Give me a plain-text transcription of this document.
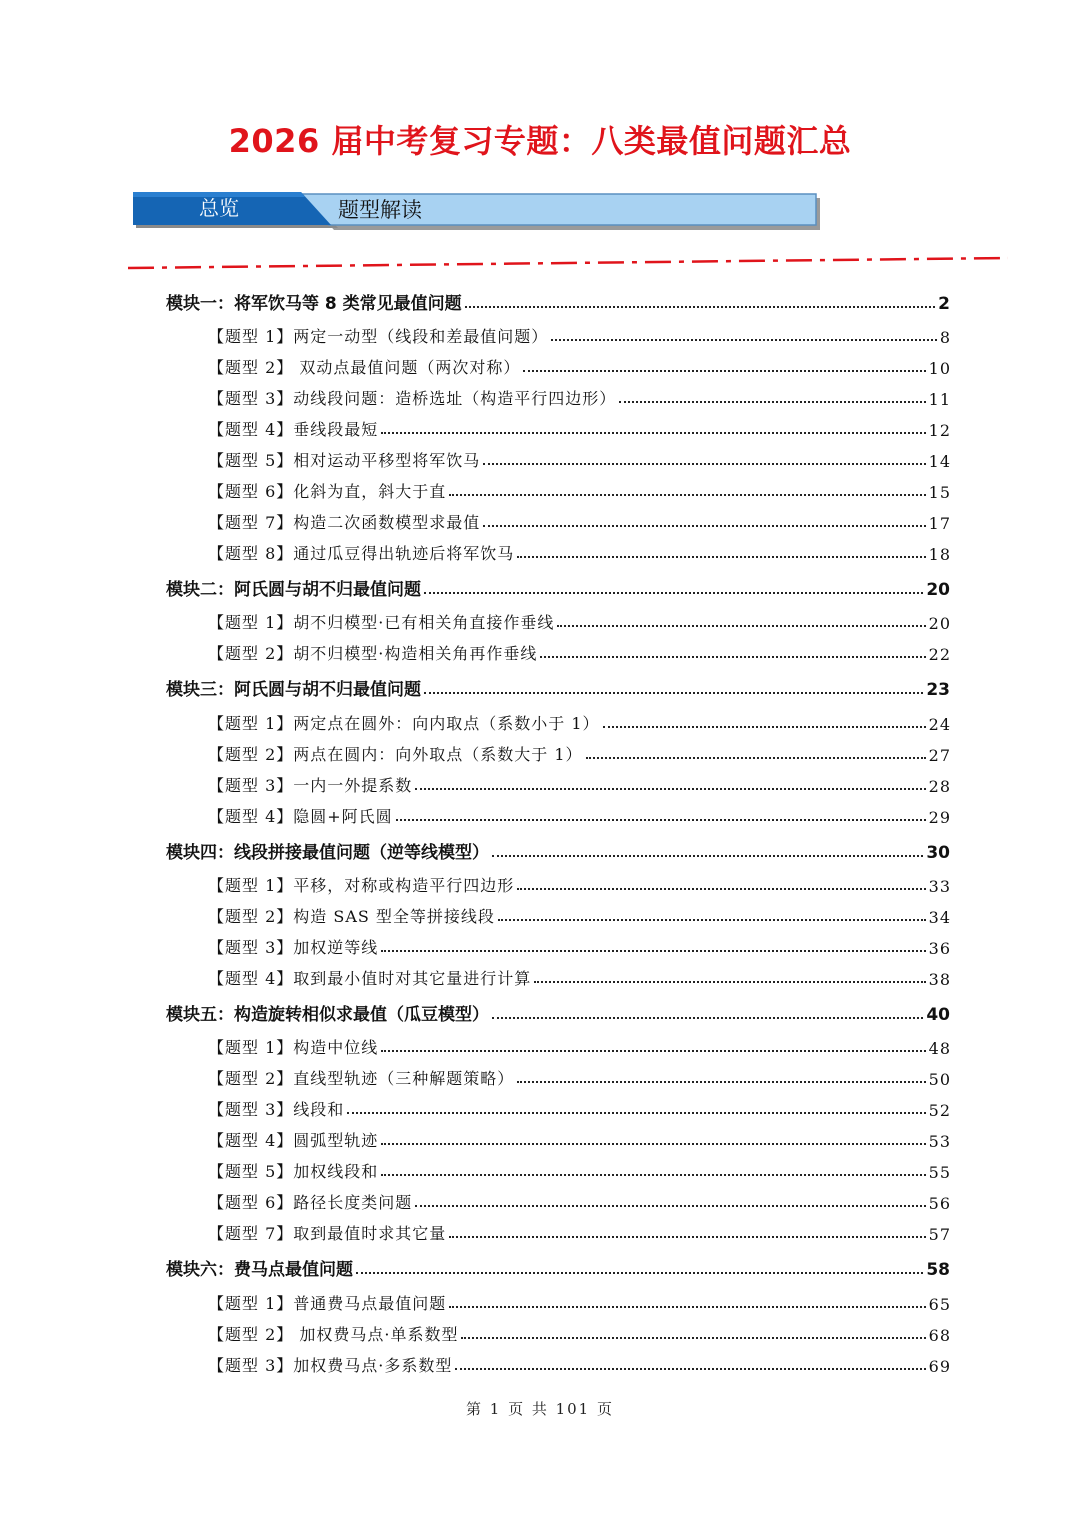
2026 届中考复习专题：八类最值问题汇总
总览	题型解读
模块一：将军饮马等 8 类常见最值问题	2
【题型 1】两定一动型（线段和差最值问题）	8
【题型 2】 双动点最值问题（两次对称）	10
【题型 3】动线段问题：造桥选址（构造平行四边形）	11
【题型 4】垂线段最短	12
【题型 5】相对运动平移型将军饮马	14
【题型 6】化斜为直，斜大于直	15
【题型 7】构造二次函数模型求最值	17
【题型 8】通过瓜豆得出轨迹后将军饮马	18
模块二：阿氏圆与胡不归最值问题	20
【题型 1】胡不归模型·已有相关角直接作垂线	20
【题型 2】胡不归模型·构造相关角再作垂线	22
模块三：阿氏圆与胡不归最值问题	23
【题型 1】两定点在圆外：向内取点（系数小于 1）	24
【题型 2】两点在圆内：向外取点（系数大于 1）	27
【题型 3】一内一外提系数	28
【题型 4】隐圆+阿氏圆	29
模块四：线段拼接最值问题（逆等线模型）	30
【题型 1】平移，对称或构造平行四边形	33
【题型 2】构造 SAS 型全等拼接线段	34
【题型 3】加权逆等线	36
【题型 4】取到最小值时对其它量进行计算	38
模块五：构造旋转相似求最值（瓜豆模型）	40
【题型 1】构造中位线	48
【题型 2】直线型轨迹（三种解题策略）	50
【题型 3】线段和	52
【题型 4】圆弧型轨迹	53
【题型 5】加权线段和	55
【题型 6】路径长度类问题	56
【题型 7】取到最值时求其它量	57
模块六：费马点最值问题	58
【题型 1】普通费马点最值问题	65
【题型 2】 加权费马点·单系数型	68
【题型 3】加权费马点·多系数型	69
第 1 页 共 101 页
